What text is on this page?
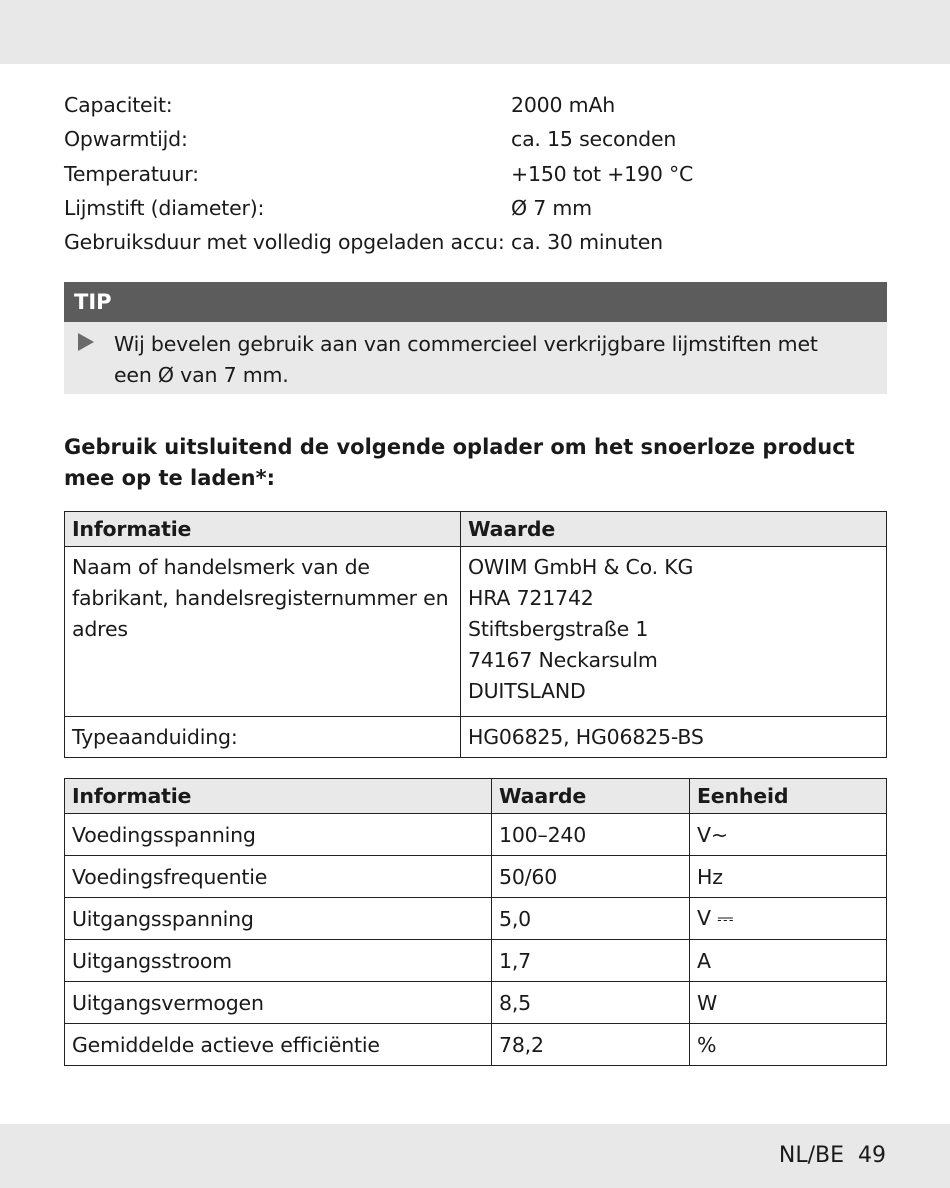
Capaciteit:	2000 mAh
Opwarmtijd:	ca. 15 seconden
Temperatuur:	+150 tot +190 °C
Lijmstift (diameter):	Ø 7 mm
Gebruiksduur met volledig opgeladen accu: ca. 30 minuten
TIP
Wij bevelen gebruik aan van commercieel verkrijgbare lijmstiften met een Ø van 7 mm.
Gebruik uitsluitend de volgende oplader om het snoerloze product mee op te laden*:
Informatie	Waarde
Naam of handelsmerk van de fabrikant, handelsregisternummer en adres	OWIM GmbH & Co. KG
HRA 721742
Stiftsbergstraße 1
74167 Neckarsulm
DUITSLAND

Typeaanduiding:	HG06825, HG06825-BS
Informatie	Waarde	Eenheid
Voedingsspanning	100–240	V~
Voedingsfrequentie	50/60	Hz
Uitgangsspanning	5,0	V ⎓
Uitgangsstroom	1,7	A
Uitgangsvermogen	8,5	W
Gemiddelde actieve efficiëntie	78,2	%
NL/BE 49
